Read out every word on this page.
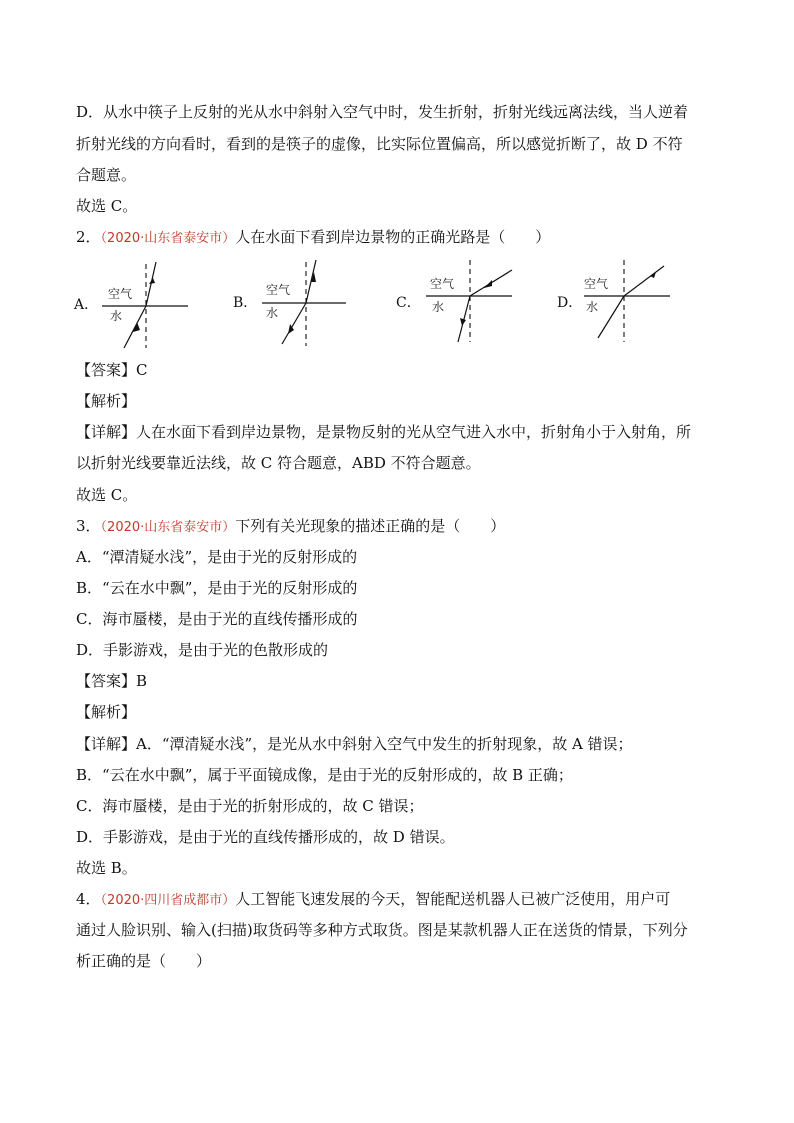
D．从水中筷子上反射的光从水中斜射入空气中时，发生折射，折射光线远离法线，当人逆着
折射光线的方向看时，看到的是筷子的虚像，比实际位置偏高，所以感觉折断了，故 D 不符
合题意。
故选 C。
2．（2020·山东省泰安市）人在水面下看到岸边景物的正确光路是（　　）
A．
空气
水
B．
空气
水
C．
空气
水	D．
空气
水
【答案】C
【解析】
【详解】人在水面下看到岸边景物，是景物反射的光从空气进入水中，折射角小于入射角，所
以折射光线要靠近法线，故 C 符合题意，ABD 不符合题意。
故选 C。
3．（2020·山东省泰安市）下列有关光现象的描述正确的是（　　）
A．“潭清疑水浅”，是由于光的反射形成的
B．“云在水中飘”，是由于光的反射形成的
C．海市蜃楼，是由于光的直线传播形成的
D．手影游戏，是由于光的色散形成的
【答案】B
【解析】
【详解】A．“潭清疑水浅”，是光从水中斜射入空气中发生的折射现象，故 A 错误；
B．“云在水中飘”，属于平面镜成像，是由于光的反射形成的，故 B 正确；
C．海市蜃楼，是由于光的折射形成的，故 C 错误；
D．手影游戏，是由于光的直线传播形成的，故 D 错误。
故选 B。
4．（2020·四川省成都市）人工智能飞速发展的今天，智能配送机器人已被广泛使用，用户可
通过人脸识别、输入(扫描)取货码等多种方式取货。图是某款机器人正在送货的情景，下列分
析正确的是（　　）
